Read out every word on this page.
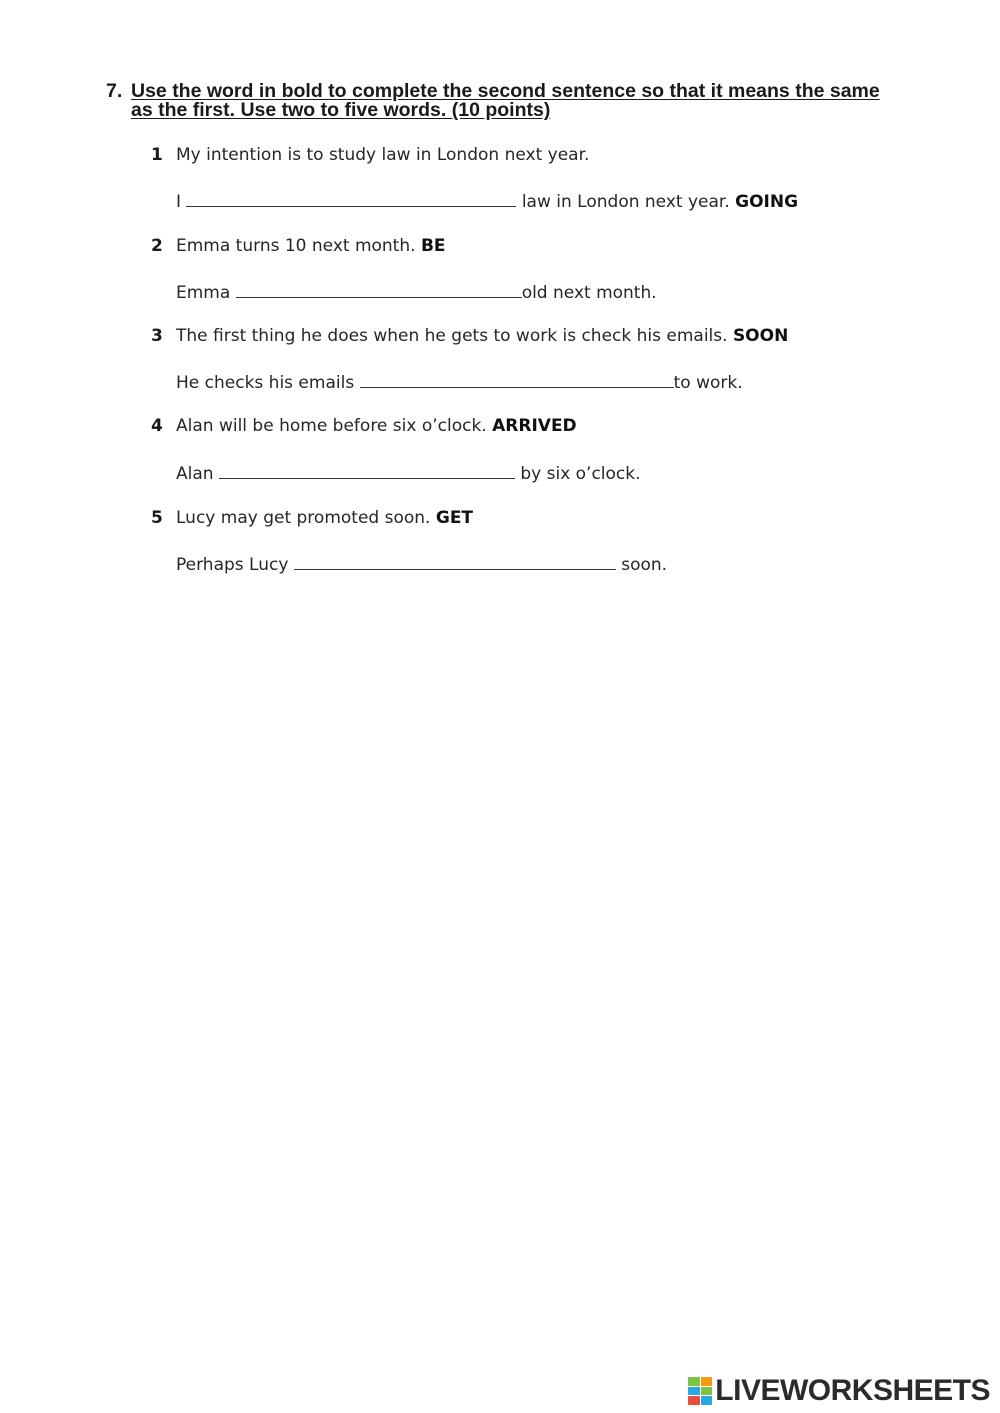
7. Use the word in bold to complete the second sentence so that it means the same as the first. Use two to five words. (10 points)
1 My intention is to study law in London next year.
I	law in London next year. GOING
2 Emma turns 10 next month. BE
Emma	old next month.
3 The first thing he does when he gets to work is check his emails. SOON
He checks his emails	to work.
4 Alan will be home before six o’clock. ARRIVED
Alan	by six o’clock.
5 Lucy may get promoted soon. GET
Perhaps Lucy	soon.
LIVEWORKSHEETS
